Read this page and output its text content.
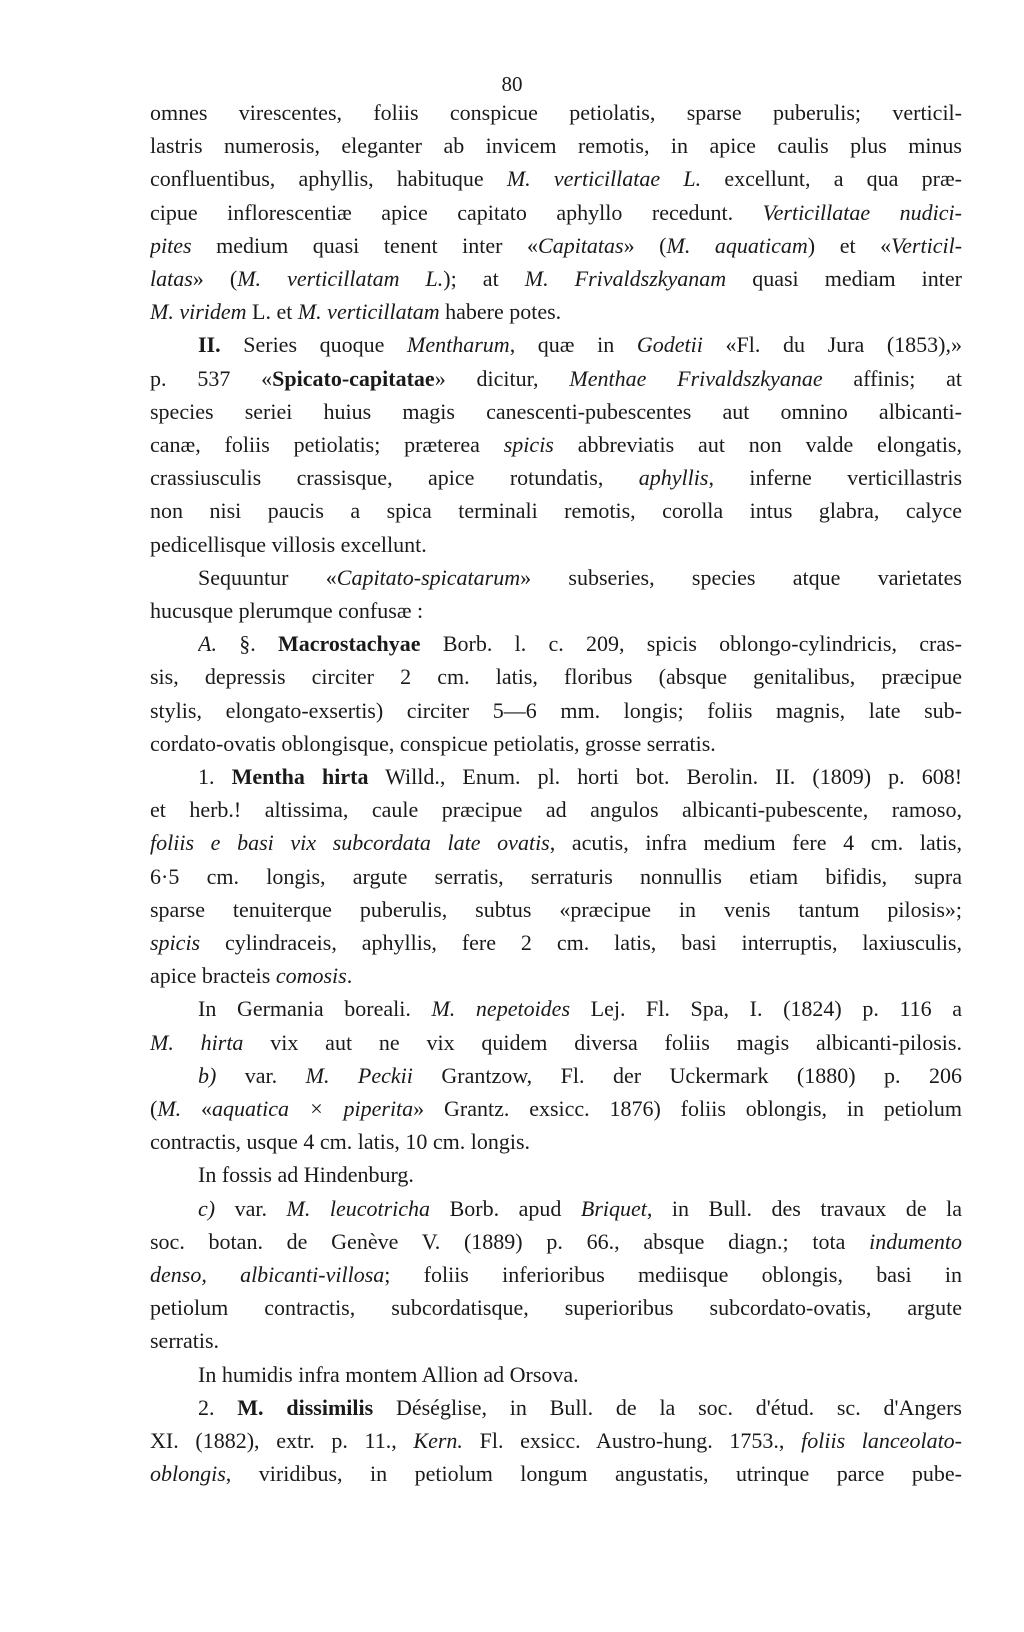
80
omnes virescentes, foliis conspicue petiolatis, sparse puberulis; verticil-
lastris numerosis, eleganter ab invicem remotis, in apice caulis plus minus
confluentibus, aphyllis, habituque M. verticillatae L. excellunt, a qua præ-
cipue inflorescentiæ apice capitato aphyllo recedunt. Verticillatae nudici-
pites medium quasi tenent inter «Capitatas» (M. aquaticam) et «Verticil-
latas» (M. verticillatam L.); at M. Frivaldszkyanam quasi mediam inter
M. viridem L. et M. verticillatam habere potes.
II. Series quoque Mentharum, quæ in Godetii «Fl. du Jura (1853),»
p. 537 «Spicato-capitatae» dicitur, Menthae Frivaldszkyanae affinis; at
species seriei huius magis canescenti-pubescentes aut omnino albicanti-
canæ, foliis petiolatis; præterea spicis abbreviatis aut non valde elongatis,
crassiusculis crassisque, apice rotundatis, aphyllis, inferne verticillastris
non nisi paucis a spica terminali remotis, corolla intus glabra, calyce
pedicellisque villosis excellunt.
Sequuntur «Capitato-spicatarum» subseries, species atque varietates
hucusque plerumque confusæ :
A. §. Macrostachyae Borb. l. c. 209, spicis oblongo-cylindricis, cras-
sis, depressis circiter 2 cm. latis, floribus (absque genitalibus, præcipue
stylis, elongato-exsertis) circiter 5—6 mm. longis; foliis magnis, late sub-
cordato-ovatis oblongisque, conspicue petiolatis, grosse serratis.
1. Mentha hirta Willd., Enum. pl. horti bot. Berolin. II. (1809) p. 608!
et herb.! altissima, caule præcipue ad angulos albicanti-pubescente, ramoso,
foliis e basi vix subcordata late ovatis, acutis, infra medium fere 4 cm. latis,
6·5 cm. longis, argute serratis, serraturis nonnullis etiam bifidis, supra
sparse tenuiterque puberulis, subtus «præcipue in venis tantum pilosis»;
spicis cylindraceis, aphyllis, fere 2 cm. latis, basi interruptis, laxiusculis,
apice bracteis comosis.
In Germania boreali. M. nepetoides Lej. Fl. Spa, I. (1824) p. 116 a
M. hirta vix aut ne vix quidem diversa foliis magis albicanti-pilosis.
b) var. M. Peckii Grantzow, Fl. der Uckermark (1880) p. 206
(M. «aquatica × piperita» Grantz. exsicc. 1876) foliis oblongis, in petiolum
contractis, usque 4 cm. latis, 10 cm. longis.
In fossis ad Hindenburg.
c) var. M. leucotricha Borb. apud Briquet, in Bull. des travaux de la
soc. botan. de Genève V. (1889) p. 66., absque diagn.; tota indumento
denso, albicanti-villosa; foliis inferioribus mediisque oblongis, basi in
petiolum contractis, subcordatisque, superioribus subcordato-ovatis, argute
serratis.
In humidis infra montem Allion ad Orsova.
2. M. dissimilis Déséglise, in Bull. de la soc. d'étud. sc. d'Angers
XI. (1882), extr. p. 11., Kern. Fl. exsicc. Austro-hung. 1753., foliis lanceolato-
oblongis, viridibus, in petiolum longum angustatis, utrinque parce pube-
